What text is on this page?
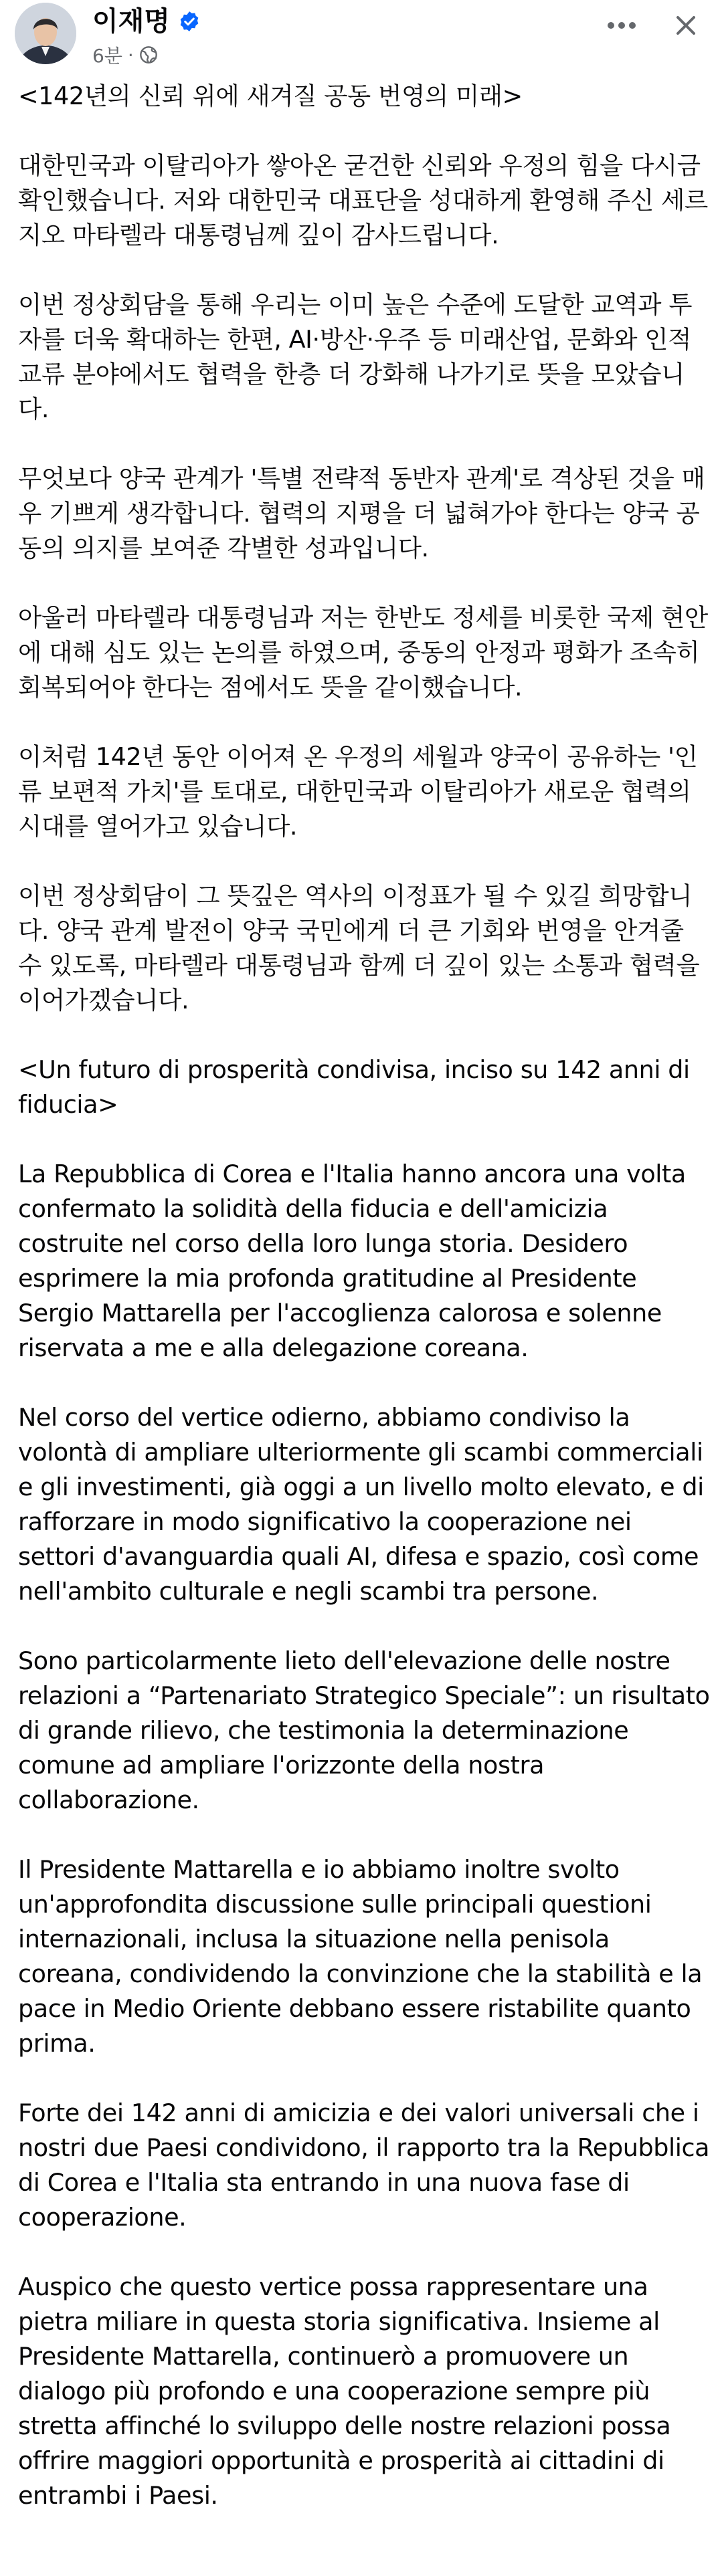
이재명
6분 ·

<142년의 신뢰 위에 새겨질 공동 번영의 미래>

대한민국과 이탈리아가 쌓아온 굳건한 신뢰와 우정의 힘을 다시금 확인했습니다. 저와 대한민국 대표단을 성대하게 환영해 주신 세르지오 마타렐라 대통령님께 깊이 감사드립니다.

이번 정상회담을 통해 우리는 이미 높은 수준에 도달한 교역과 투자를 더욱 확대하는 한편, AI·방산·우주 등 미래산업, 문화와 인적 교류 분야에서도 협력을 한층 더 강화해 나가기로 뜻을 모았습니다.

무엇보다 양국 관계가 '특별 전략적 동반자 관계'로 격상된 것을 매우 기쁘게 생각합니다. 협력의 지평을 더 넓혀가야 한다는 양국 공동의 의지를 보여준 각별한 성과입니다.

아울러 마타렐라 대통령님과 저는 한반도 정세를 비롯한 국제 현안에 대해 심도 있는 논의를 하였으며, 중동의 안정과 평화가 조속히 회복되어야 한다는 점에서도 뜻을 같이했습니다.

이처럼 142년 동안 이어져 온 우정의 세월과 양국이 공유하는 '인류 보편적 가치'를 토대로, 대한민국과 이탈리아가 새로운 협력의 시대를 열어가고 있습니다.

이번 정상회담이 그 뜻깊은 역사의 이정표가 될 수 있길 희망합니다. 양국 관계 발전이 양국 국민에게 더 큰 기회와 번영을 안겨줄 수 있도록, 마타렐라 대통령님과 함께 더 깊이 있는 소통과 협력을 이어가겠습니다.

<Un futuro di prosperità condivisa, inciso su 142 anni di fiducia>

La Repubblica di Corea e l'Italia hanno ancora una volta confermato la solidità della fiducia e dell'amicizia costruite nel corso della loro lunga storia. Desidero esprimere la mia profonda gratitudine al Presidente Sergio Mattarella per l'accoglienza calorosa e solenne riservata a me e alla delegazione coreana.

Nel corso del vertice odierno, abbiamo condiviso la volontà di ampliare ulteriormente gli scambi commerciali e gli investimenti, già oggi a un livello molto elevato, e di rafforzare in modo significativo la cooperazione nei settori d'avanguardia quali AI, difesa e spazio, così come nell'ambito culturale e negli scambi tra persone.

Sono particolarmente lieto dell'elevazione delle nostre relazioni a “Partenariato Strategico Speciale”: un risultato di grande rilievo, che testimonia la determinazione comune ad ampliare l'orizzonte della nostra collaborazione.

Il Presidente Mattarella e io abbiamo inoltre svolto un'approfondita discussione sulle principali questioni internazionali, inclusa la situazione nella penisola coreana, condividendo la convinzione che la stabilità e la pace in Medio Oriente debbano essere ristabilite quanto prima.

Forte dei 142 anni di amicizia e dei valori universali che i nostri due Paesi condividono, il rapporto tra la Repubblica di Corea e l'Italia sta entrando in una nuova fase di cooperazione.

Auspico che questo vertice possa rappresentare una pietra miliare in questa storia significativa. Insieme al Presidente Mattarella, continuerò a promuovere un dialogo più profondo e una cooperazione sempre più stretta affinché lo sviluppo delle nostre relazioni possa offrire maggiori opportunità e prosperità ai cittadini di entrambi i Paesi.
